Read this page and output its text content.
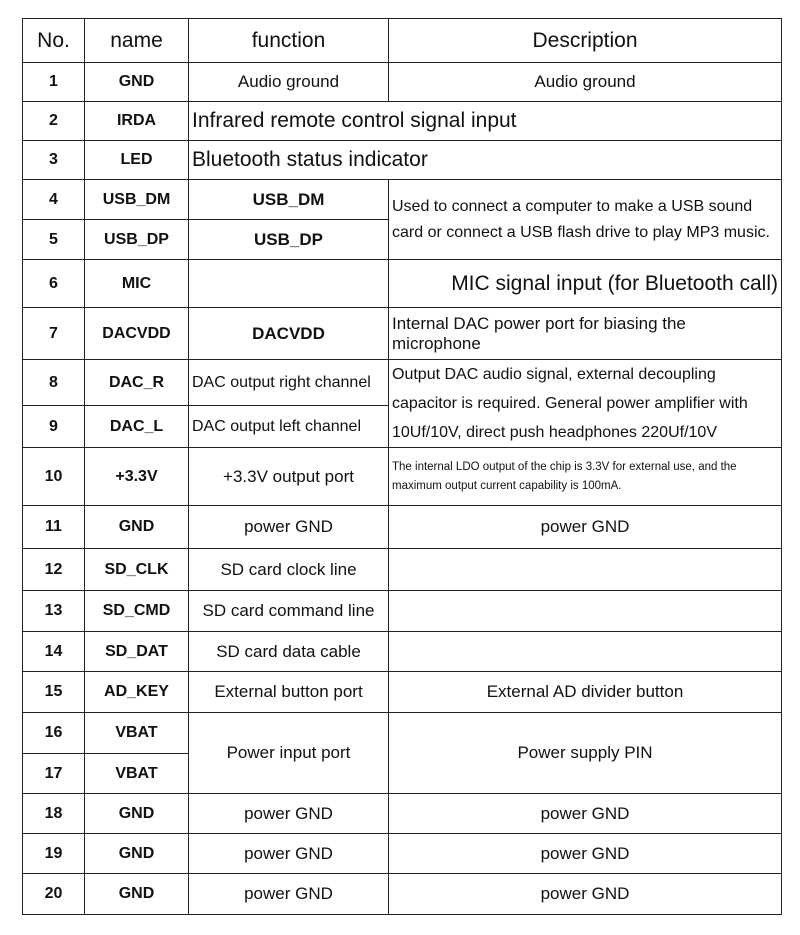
No.	name	function	Description
1	GND	Audio ground	Audio ground
2	IRDA	Infrared remote control signal input	
3	LED	Bluetooth status indicator	
4	USB_DM	USB_DM	Used to connect a computer to make a USB sound card or connect a USB flash drive to play MP3 music.
5	USB_DP	USB_DP	
6	MIC		MIC signal input (for Bluetooth call)
7	DACVDD	DACVDD	Internal DAC power port for biasing the microphone
8	DAC_R	DAC output right channel	Output DAC audio signal, external decoupling capacitor is required. General power amplifier with 10Uf/10V, direct push headphones 220Uf/10V
9	DAC_L	DAC output left channel	
10	+3.3V	+3.3V output port	The internal LDO output of the chip is 3.3V for external use, and the maximum output current capability is 100mA.
11	GND	power GND	power GND
12	SD_CLK	SD card clock line	
13	SD_CMD	SD card command line	
14	SD_DAT	SD card data cable	
15	AD_KEY	External button port	External AD divider button
16	VBAT	Power input port	Power supply PIN
17	VBAT		
18	GND	power GND	power GND
19	GND	power GND	power GND
20	GND	power GND	power GND
